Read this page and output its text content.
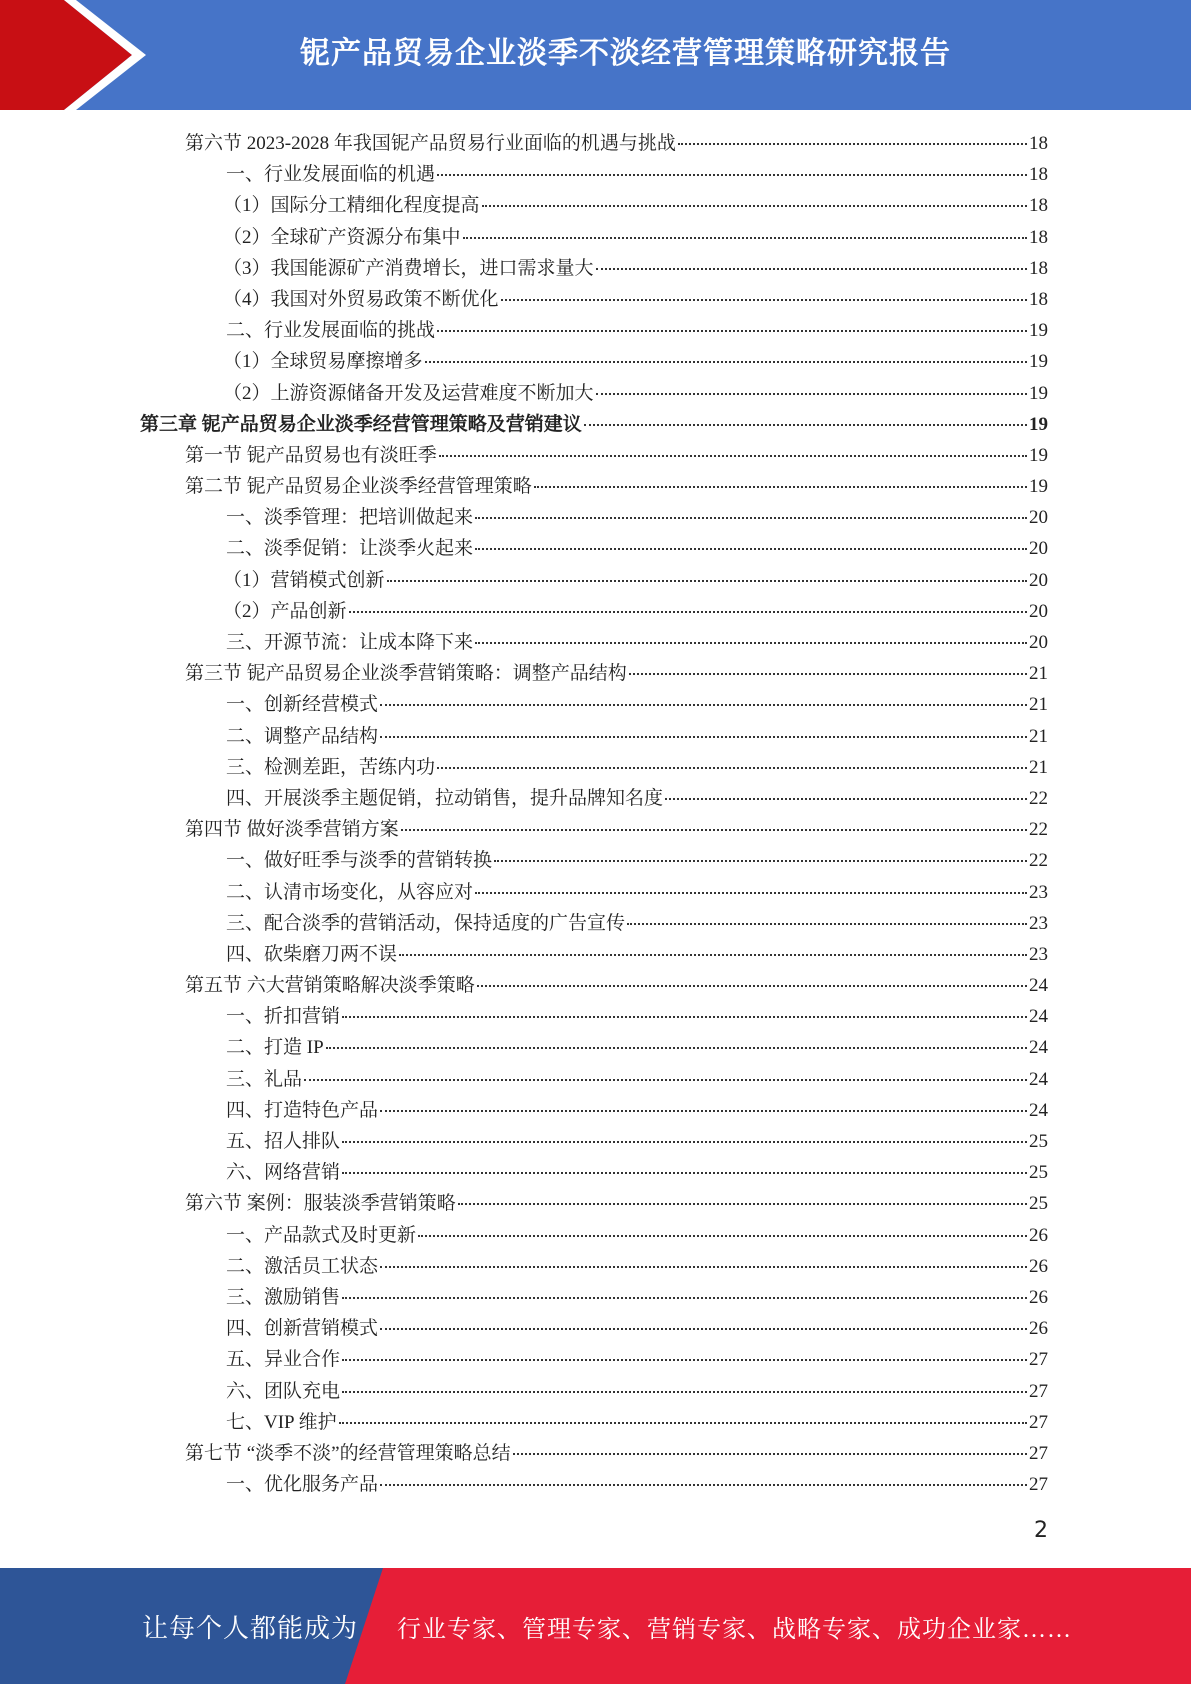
铌产品贸易企业淡季不淡经营管理策略研究报告
第六节 2023-2028 年我国铌产品贸易行业面临的机遇与挑战	18
一、行业发展面临的机遇	18
（1）国际分工精细化程度提高	18
（2）全球矿产资源分布集中	18
（3）我国能源矿产消费增长，进口需求量大	18
（4）我国对外贸易政策不断优化	18
二、行业发展面临的挑战	19
（1）全球贸易摩擦增多	19
（2）上游资源储备开发及运营难度不断加大	19
第三章 铌产品贸易企业淡季经营管理策略及营销建议	19
第一节 铌产品贸易也有淡旺季	19
第二节 铌产品贸易企业淡季经营管理策略	19
一、淡季管理：把培训做起来	20
二、淡季促销：让淡季火起来	20
（1）营销模式创新	20
（2）产品创新	20
三、开源节流：让成本降下来	20
第三节 铌产品贸易企业淡季营销策略：调整产品结构	21
一、创新经营模式	21
二、调整产品结构	21
三、检测差距，苦练内功	21
四、开展淡季主题促销，拉动销售，提升品牌知名度	22
第四节 做好淡季营销方案	22
一、做好旺季与淡季的营销转换	22
二、认清市场变化，从容应对	23
三、配合淡季的营销活动，保持适度的广告宣传	23
四、砍柴磨刀两不误	23
第五节 六大营销策略解决淡季策略	24
一、折扣营销	24
二、打造 IP	24
三、礼品	24
四、打造特色产品	24
五、招人排队	25
六、网络营销	25
第六节 案例：服装淡季营销策略	25
一、产品款式及时更新	26
二、激活员工状态	26
三、激励销售	26
四、创新营销模式	26
五、异业合作	27
六、团队充电	27
七、VIP 维护	27
第七节 “淡季不淡”的经营管理策略总结	27
一、优化服务产品	27
2
让每个人都能成为 行业专家、管理专家、营销专家、战略专家、成功企业家……
